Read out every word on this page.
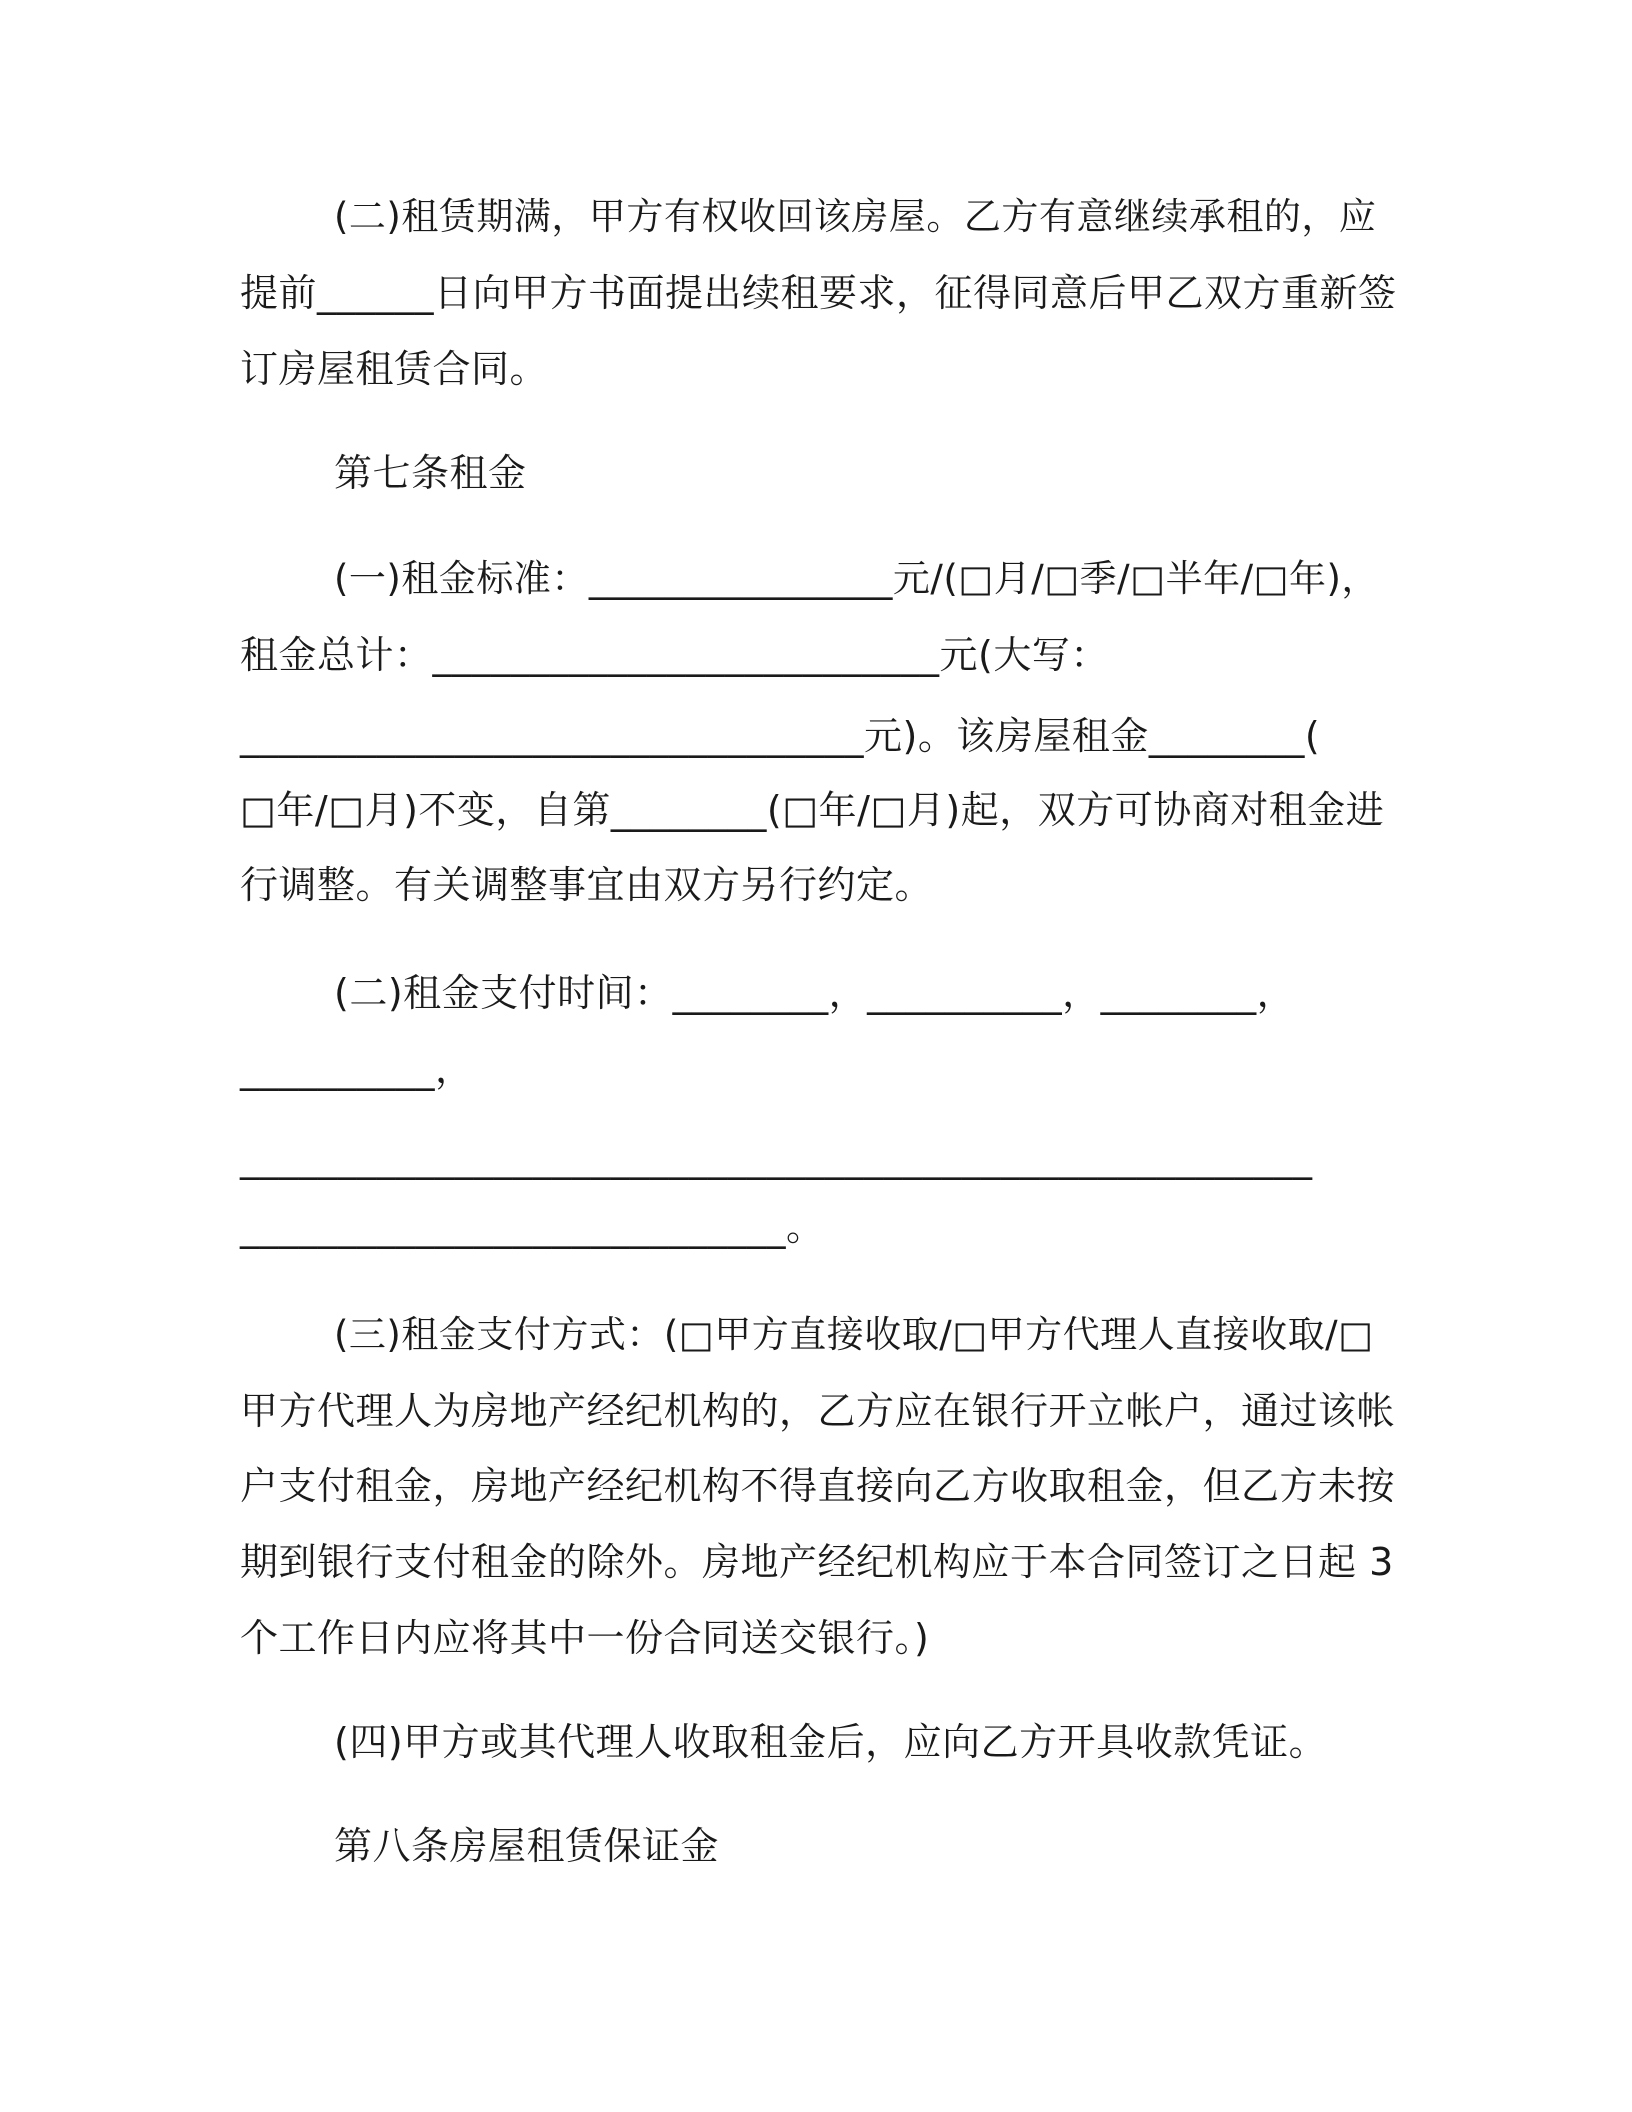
(二)租赁期满，甲方有权收回该房屋。乙方有意继续承租的，应
提前______日向甲方书面提出续租要求，征得同意后甲乙双方重新签
订房屋租赁合同。
第七条租金
(一)租金标准：________________元/(□月/□季/□半年/□年)，
租金总计：__________________________元(大写：
________________________________元)。该房屋租金________(
□年/□月)不变，自第________(□年/□月)起，双方可协商对租金进
行调整。有关调整事宜由双方另行约定。
(二)租金支付时间：________，__________，________，
__________，
_______________________________________________________
____________________________。
(三)租金支付方式：(□甲方直接收取/□甲方代理人直接收取/□
甲方代理人为房地产经纪机构的，乙方应在银行开立帐户，通过该帐
户支付租金，房地产经纪机构不得直接向乙方收取租金，但乙方未按
期到银行支付租金的除外。房地产经纪机构应于本合同签订之日起 3
个工作日内应将其中一份合同送交银行。)
(四)甲方或其代理人收取租金后，应向乙方开具收款凭证。
第八条房屋租赁保证金
